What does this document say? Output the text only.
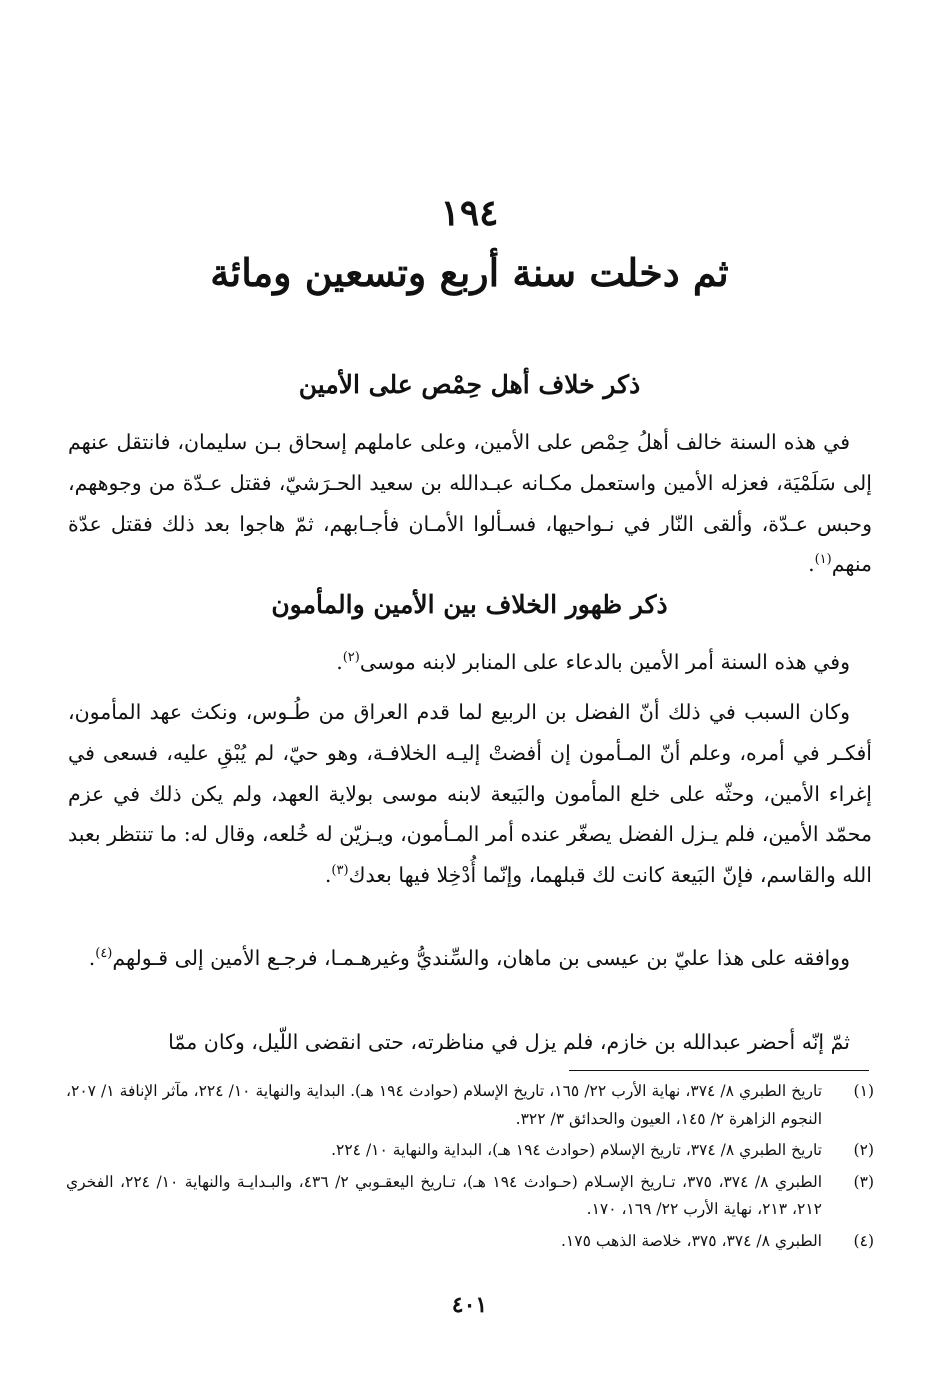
١٩٤
ثم دخلت سنة أربع وتسعين ومائة
ذكر خلاف أهل حِمْص على الأمين
في هذه السنة خالف أهلُ حِمْص على الأمين، وعلى عاملهم إسحاق بـن سليمان، فانتقل عنهم إلى سَلَمْيَة، فعزله الأمين واستعمل مكـانه عبـدالله بن سعيد الحـرَشيّ، فقتل عـدّة من وجوههم، وحبس عـدّة، وألقى النّار في نـواحيها، فسـألوا الأمـان فأجـابهم، ثمّ هاجوا بعد ذلك فقتل عدّة منهم$^{(١)}$.
ذكر ظهور الخلاف بين الأمين والمأمون
وفي هذه السنة أمر الأمين بالدعاء على المنابر لابنه موسى$^{(٢)}$.
وكان السبب في ذلك أنّ الفضل بن الربيع لما قدم العراق من طُـوس، ونكث عهد المأمون، أفكـر في أمره، وعلم أنّ المـأمون إن أفضتْ إليـه الخلافـة، وهو حيّ، لم يُبْقِ عليه، فسعى في إغراء الأمين، وحثّه على خلع المأمون والبَيعة لابنه موسى بولاية العهد، ولم يكن ذلك في عزم محمّد الأمين، فلم يـزل الفضل يصغّر عنده أمر المـأمون، ويـزيّن له خُلعه، وقال له: ما تنتظر بعبد الله والقاسم، فإنّ البَيعة كانت لك قبلهما، وإنّما أُدْخِلا فيها بعدك$^{(٣)}$.
ووافقه على هذا عليّ بن عيسى بن ماهان، والسِّنديُّ وغيرهـمـا، فرجـع الأمين إلى قـولهم$^{(٤)}$.
ثمّ إنّه أحضر عبدالله بن خازم، فلم يزل في مناظرته، حتى انقضى اللّيل، وكان ممّا
(١)
تاريخ الطبري ٨/ ٣٧٤، نهاية الأرب ٢٢/ ١٦٥، تاريخ الإسلام (حوادث ١٩٤ هـ). البداية والنهاية ١٠/ ٢٢٤، مآثر الإنافة ١/ ٢٠٧، النجوم الزاهرة ٢/ ١٤٥، العيون والحدائق ٣/ ٣٢٢.
(٢)
تاريخ الطبري ٨/ ٣٧٤، تاريخ الإسلام (حوادث ١٩٤ هـ)، البداية والنهاية ١٠/ ٢٢٤.
(٣)
الطبري ٨/ ٣٧٤، ٣٧٥، تـاريخ الإسـلام (حـوادث ١٩٤ هـ)، تـاريخ اليعقـوبي ٢/ ٤٣٦، والبـدايـة والنهاية ١٠/ ٢٢٤، الفخري ٢١٢، ٢١٣، نهاية الأرب ٢٢/ ١٦٩، ١٧٠.
(٤)
الطبري ٨/ ٣٧٤، ٣٧٥، خلاصة الذهب ١٧٥.
٤٠١
